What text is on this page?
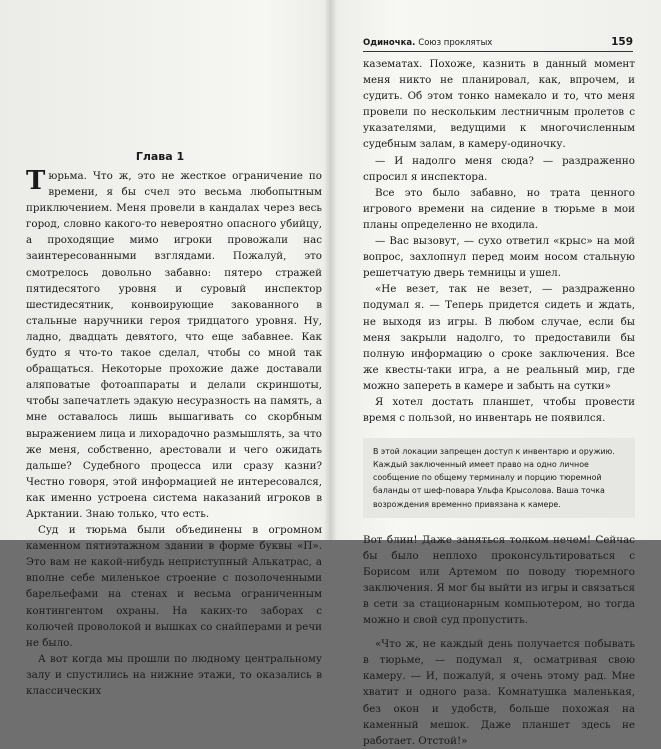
Глава 1

Тюрьма. Что ж, это не жесткое ограничение по времени, я бы счел это весьма любопытным приключением. Меня провели в кандалах через весь город, словно какого-то невероятно опасного убийцу, а проходящие мимо игроки провожали нас заинтересованными взглядами. Пожалуй, это смотрелось довольно забавно: пятеро стражей пятидесятого уровня и суровый инспектор шестидесятник, конвоирующие закованного в стальные наручники героя тридцатого уровня. Ну, ладно, двадцать девятого, что еще забавнее. Как будто я что-то такое сделал, чтобы со мной так обращаться. Некоторые прохожие даже доставали аляповатые фотоаппараты и делали скриншоты, чтобы запечатлеть эдакую несуразность на память, а мне оставалось лишь вышагивать со скорбным выражением лица и лихорадочно размышлять, за что же меня, собственно, арестовали и чего ожидать дальше? Судебного процесса или сразу казни? Честно говоря, этой информацией не интересовался, как именно устроена система наказаний игроков в Арктании. Знаю только, что есть.

Суд и тюрьма были объединены в огромном каменном пятиэтажном здании в форме буквы «П». Это вам не какой-нибудь неприступный Алькатрас, а вполне себе миленькое строение с позолоченными барельефами на стенах и весьма ограниченным контингентом охраны. На каких-то заборах с колючей проволокой и вышках со снайперами и речи не было.

А вот когда мы прошли по людному центральному залу и спустились на нижние этажи, то оказались в классических

Одиночка. Союз проклятых	159

казематах. Похоже, казнить в данный момент меня никто не планировал, как, впрочем, и судить. Об этом тонко намекало и то, что меня провели по нескольким лестничным пролетов с указателями, ведущими к многочисленным судебным залам, в камеру-одиночку.

— И надолго меня сюда? — раздраженно спросил я инспектора.

Все это было забавно, но трата ценного игрового времени на сидение в тюрьме в мои планы определенно не входила.

— Вас вызовут, — сухо ответил «крыс» на мой вопрос, захлопнул перед моим носом стальную решетчатую дверь темницы и ушел.

«Не везет, так не везет, — раздраженно подумал я. — Теперь придется сидеть и ждать, не выходя из игры. В любом случае, если бы меня закрыли надолго, то предоставили бы полную информацию о сроке заключения. Все же квесты-таки игра, а не реальный мир, где можно запереть в камере и забыть на сутки»

Я хотел достать планшет, чтобы провести время с пользой, но инвентарь не появился.

В этой локации запрещен доступ к инвентарю и оружию. Каждый заключенный имеет право на одно личное сообщение по общему терминалу и порцию тюремной баланды от шеф-повара Ульфа Крысолова. Ваша точка возрождения временно привязана к камере.

Вот блин! Даже заняться толком нечем! Сейчас бы было неплохо проконсультироваться с Борисом или Артемом по поводу тюремного заключения. Я мог бы выйти из игры и связаться в сети за стационарным компьютером, но тогда можно и свой суд пропустить.

«Что ж, не каждый день получается побывать в тюрьме, — подумал я, осматривая свою камеру. — И, пожалуй, я очень этому рад. Мне хватит и одного раза. Комнатушка маленькая, без окон и удобств, больше похожая на каменный мешок. Даже планшет здесь не работает. Отстой!»
